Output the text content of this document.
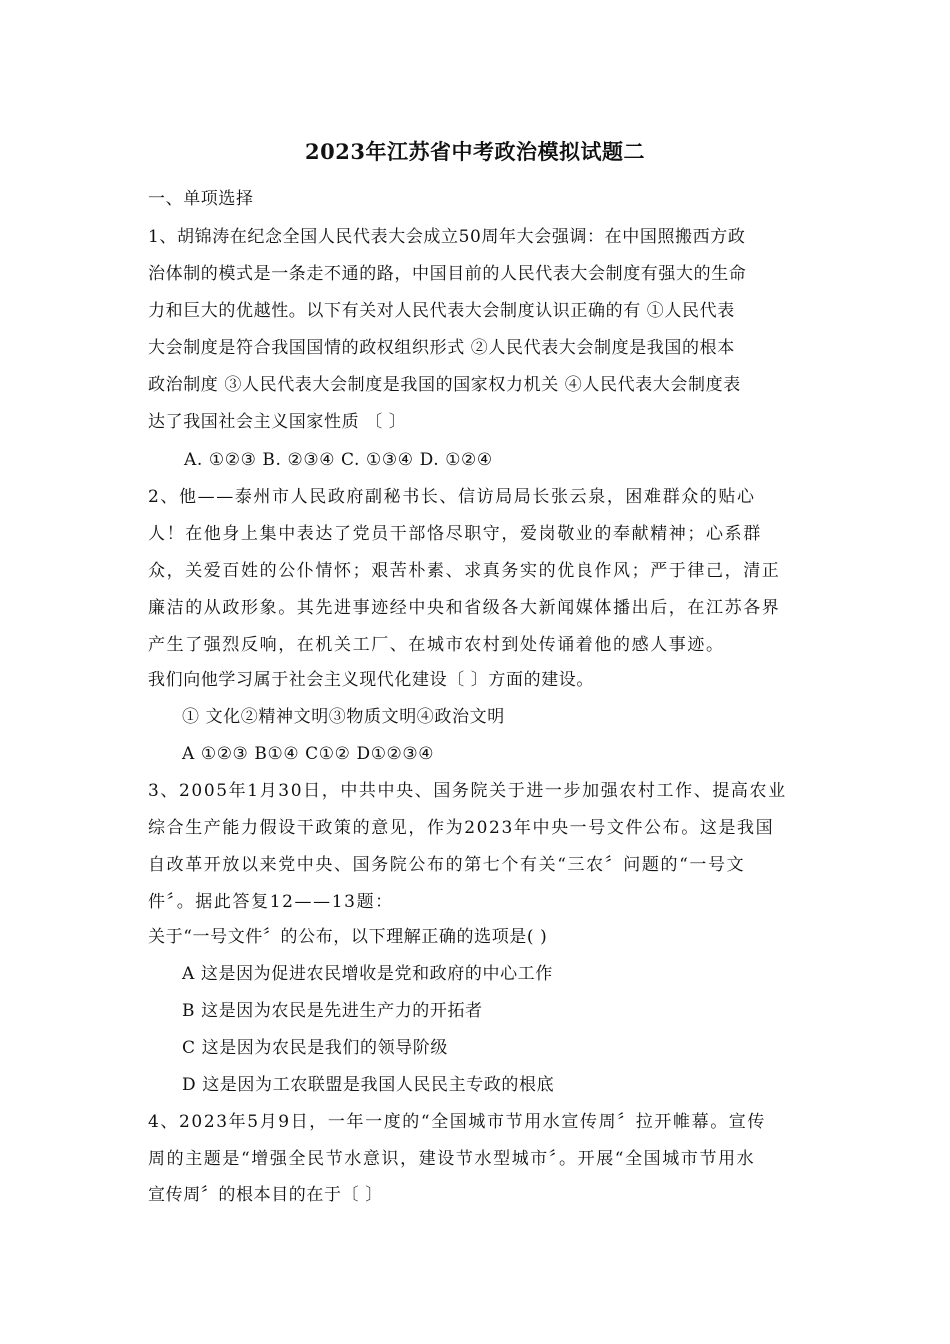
2023年江苏省中考政治模拟试题二
一、单项选择
1、胡锦涛在纪念全国人民代表大会成立50周年大会强调：在中国照搬西方政
治体制的模式是一条走不通的路，中国目前的人民代表大会制度有强大的生命
力和巨大的优越性。以下有关对人民代表大会制度认识正确的有 ①人民代表
大会制度是符合我国国情的政权组织形式 ②人民代表大会制度是我国的根本
政治制度 ③人民代表大会制度是我国的国家权力机关 ④人民代表大会制度表
达了我国社会主义国家性质 〔 〕
A. ①②③ B. ②③④ C. ①③④ D. ①②④
2、他——泰州市人民政府副秘书长、信访局局长张云泉，困难群众的贴心
人！在他身上集中表达了党员干部恪尽职守，爱岗敬业的奉献精神；心系群
众，关爱百姓的公仆情怀；艰苦朴素、求真务实的优良作风；严于律己，清正
廉洁的从政形象。其先进事迹经中央和省级各大新闻媒体播出后，在江苏各界
产生了强烈反响，在机关工厂、在城市农村到处传诵着他的感人事迹。
我们向他学习属于社会主义现代化建设〔 〕方面的建设。
① 文化②精神文明③物质文明④政治文明
A ①②③ B①④ C①② D①②③④
3、2005年1月30日，中共中央、国务院关于进一步加强农村工作、提高农业
综合生产能力假设干政策的意见，作为2023年中央一号文件公布。这是我国
自改革开放以来党中央、国务院公布的第七个有关“三农〞问题的“一号文
件〞。据此答复12——13题：
关于“一号文件〞的公布，以下理解正确的选项是( )
A 这是因为促进农民增收是党和政府的中心工作
B 这是因为农民是先进生产力的开拓者
C 这是因为农民是我们的领导阶级
D 这是因为工农联盟是我国人民民主专政的根底
4、2023年5月9日，一年一度的“全国城市节用水宣传周〞拉开帷幕。宣传
周的主题是“增强全民节水意识，建设节水型城市〞。开展“全国城市节用水
宣传周〞的根本目的在于〔 〕
